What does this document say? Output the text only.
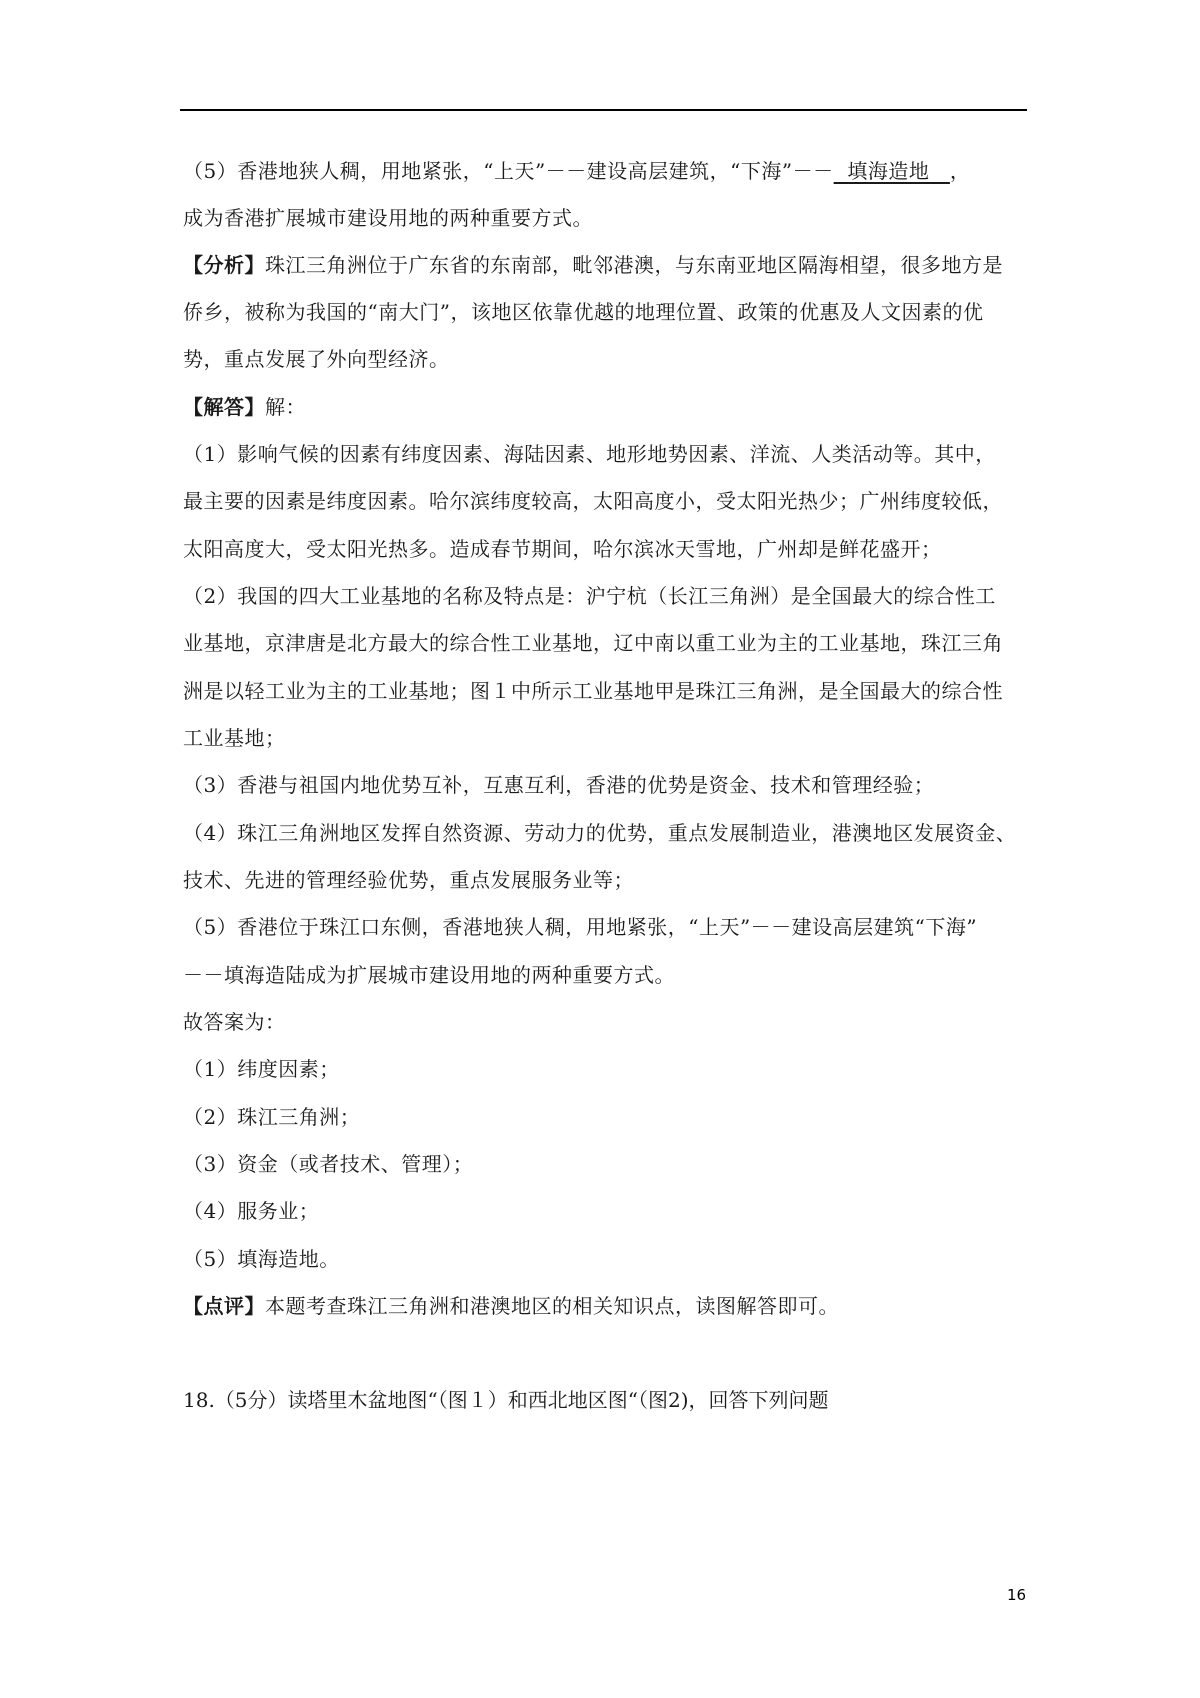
（5）香港地狭人稠，用地紧张，“上天”－－建设高层建筑，“下海”－－  填海造地   ，
成为香港扩展城市建设用地的两种重要方式。
【分析】珠江三角洲位于广东省的东南部，毗邻港澳，与东南亚地区隔海相望，很多地方是
侨乡，被称为我国的“南大门”，该地区依靠优越的地理位置、政策的优惠及人文因素的优
势，重点发展了外向型经济。
【解答】解：
（1）影响气候的因素有纬度因素、海陆因素、地形地势因素、洋流、人类活动等。其中，
最主要的因素是纬度因素。哈尔滨纬度较高，太阳高度小，受太阳光热少；广州纬度较低，
太阳高度大，受太阳光热多。造成春节期间，哈尔滨冰天雪地，广州却是鲜花盛开；
（2）我国的四大工业基地的名称及特点是：沪宁杭（长江三角洲）是全国最大的综合性工
业基地，京津唐是北方最大的综合性工业基地，辽中南以重工业为主的工业基地，珠江三角
洲是以轻工业为主的工业基地；图１中所示工业基地甲是珠江三角洲，是全国最大的综合性
工业基地；
（3）香港与祖国内地优势互补，互惠互利，香港的优势是资金、技术和管理经验；
（4）珠江三角洲地区发挥自然资源、劳动力的优势，重点发展制造业，港澳地区发展资金、
技术、先进的管理经验优势，重点发展服务业等；
（5）香港位于珠江口东侧，香港地狭人稠，用地紧张，“上天”－－建设高层建筑“下海”
－－填海造陆成为扩展城市建设用地的两种重要方式。
故答案为：
（1）纬度因素；
（2）珠江三角洲；
（3）资金（或者技术、管理）；
（4）服务业；
（5）填海造地。
【点评】本题考查珠江三角洲和港澳地区的相关知识点，读图解答即可。
18.（5分）读塔里木盆地图“（图１）和西北地区图“（图2)，回答下列问题
16
